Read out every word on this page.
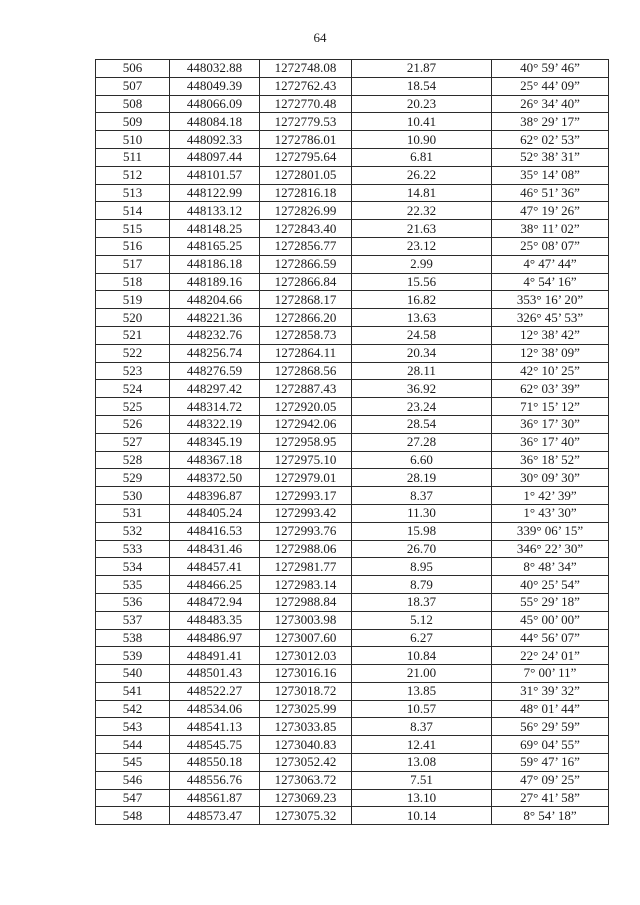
64
506	448032.88	1272748.08	21.87	40° 59’ 46”
507	448049.39	1272762.43	18.54	25° 44’ 09”
508	448066.09	1272770.48	20.23	26° 34’ 40”
509	448084.18	1272779.53	10.41	38° 29’ 17”
510	448092.33	1272786.01	10.90	62° 02’ 53”
511	448097.44	1272795.64	6.81	52° 38’ 31”
512	448101.57	1272801.05	26.22	35° 14’ 08”
513	448122.99	1272816.18	14.81	46° 51’ 36”
514	448133.12	1272826.99	22.32	47° 19’ 26”
515	448148.25	1272843.40	21.63	38° 11’ 02”
516	448165.25	1272856.77	23.12	25° 08’ 07”
517	448186.18	1272866.59	2.99	4° 47’ 44”
518	448189.16	1272866.84	15.56	4° 54’ 16”
519	448204.66	1272868.17	16.82	353° 16’ 20”
520	448221.36	1272866.20	13.63	326° 45’ 53”
521	448232.76	1272858.73	24.58	12° 38’ 42”
522	448256.74	1272864.11	20.34	12° 38’ 09”
523	448276.59	1272868.56	28.11	42° 10’ 25”
524	448297.42	1272887.43	36.92	62° 03’ 39”
525	448314.72	1272920.05	23.24	71° 15’ 12”
526	448322.19	1272942.06	28.54	36° 17’ 30”
527	448345.19	1272958.95	27.28	36° 17’ 40”
528	448367.18	1272975.10	6.60	36° 18’ 52”
529	448372.50	1272979.01	28.19	30° 09’ 30”
530	448396.87	1272993.17	8.37	1° 42’ 39”
531	448405.24	1272993.42	11.30	1° 43’ 30”
532	448416.53	1272993.76	15.98	339° 06’ 15”
533	448431.46	1272988.06	26.70	346° 22’ 30”
534	448457.41	1272981.77	8.95	8° 48’ 34”
535	448466.25	1272983.14	8.79	40° 25’ 54”
536	448472.94	1272988.84	18.37	55° 29’ 18”
537	448483.35	1273003.98	5.12	45° 00’ 00”
538	448486.97	1273007.60	6.27	44° 56’ 07”
539	448491.41	1273012.03	10.84	22° 24’ 01”
540	448501.43	1273016.16	21.00	7° 00’ 11”
541	448522.27	1273018.72	13.85	31° 39’ 32”
542	448534.06	1273025.99	10.57	48° 01’ 44”
543	448541.13	1273033.85	8.37	56° 29’ 59”
544	448545.75	1273040.83	12.41	69° 04’ 55”
545	448550.18	1273052.42	13.08	59° 47’ 16”
546	448556.76	1273063.72	7.51	47° 09’ 25”
547	448561.87	1273069.23	13.10	27° 41’ 58”
548	448573.47	1273075.32	10.14	8° 54’ 18”
